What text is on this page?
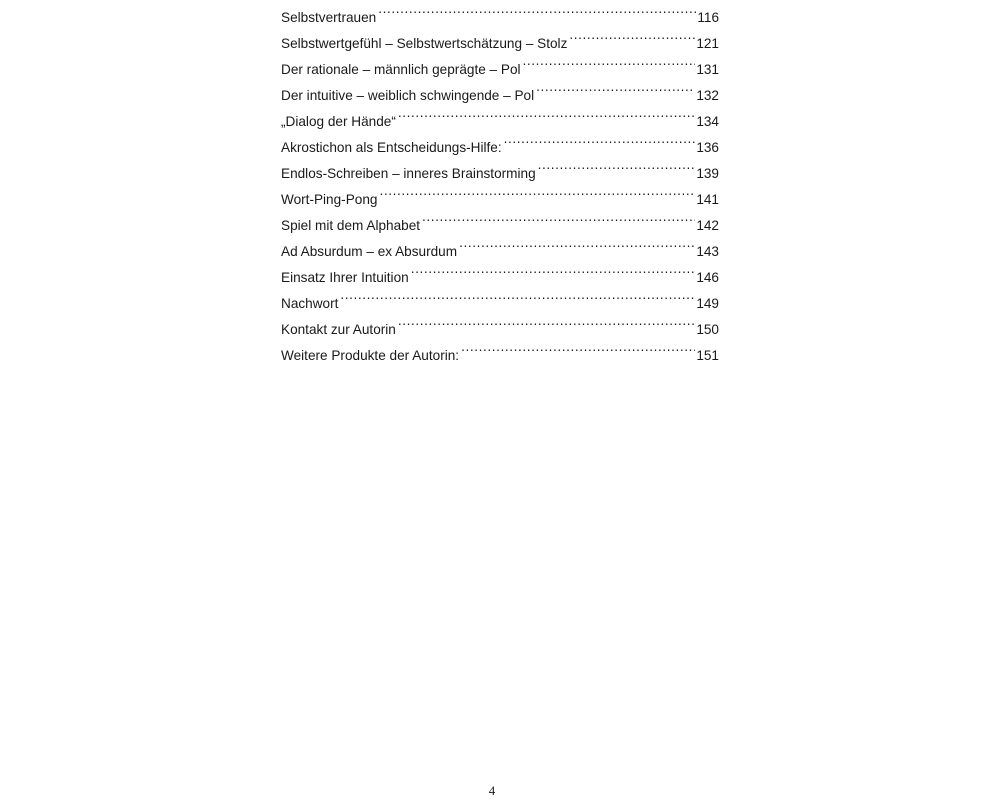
Selbstvertrauen .....	116
Selbstwertgefühl – Selbstwertschätzung – Stolz .....	121
Der rationale – männlich geprägte – Pol .....	131
Der intuitive – weiblich schwingende – Pol .....	132
„Dialog der Hände“ .....	134
Akrostichon als Entscheidungs-Hilfe: .....	136
Endlos-Schreiben – inneres Brainstorming .....	139
Wort-Ping-Pong .....	141
Spiel mit dem Alphabet .....	142
Ad Absurdum – ex Absurdum .....	143
Einsatz Ihrer Intuition .....	146
Nachwort .....	149
Kontakt zur Autorin .....	150
Weitere Produkte der Autorin: .....	151
4
